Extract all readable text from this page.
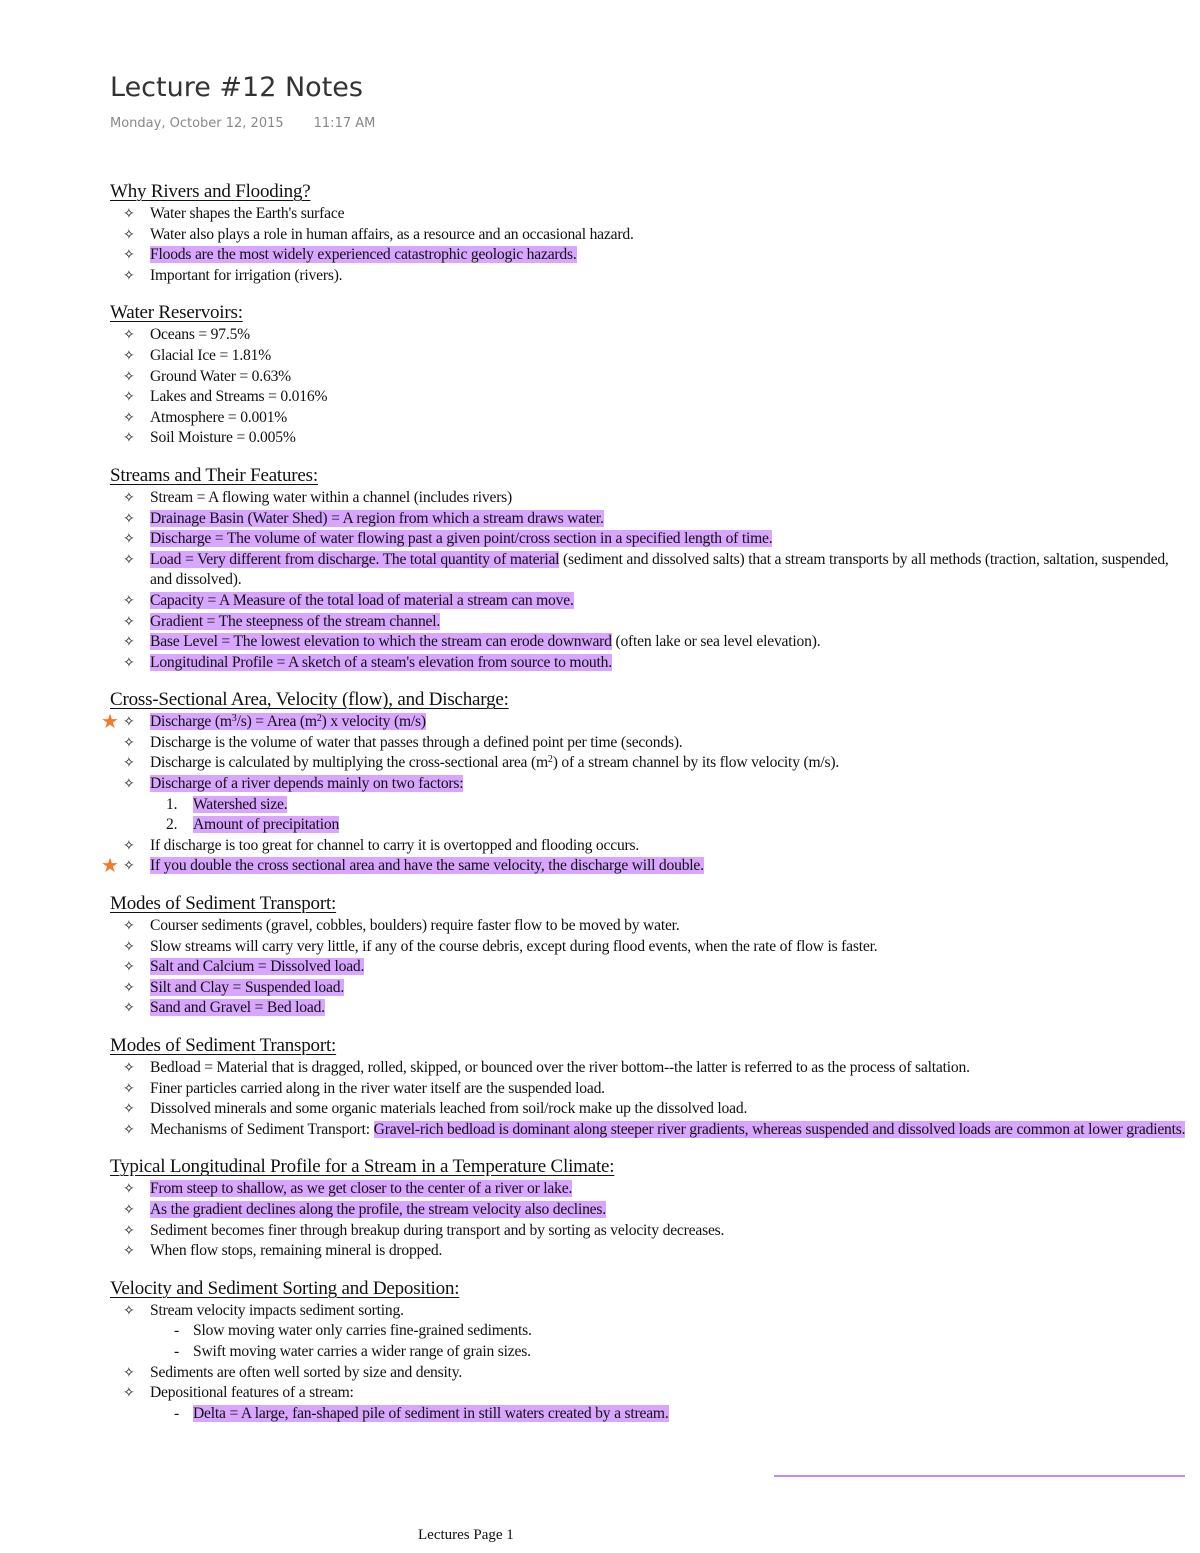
Lecture #12 Notes
Monday, October 12, 2015 11:17 AM
Why Rivers and Flooding?
✧ Water shapes the Earth's surface
✧ Water also plays a role in human affairs, as a resource and an occasional hazard.
✧ Floods are the most widely experienced catastrophic geologic hazards.
✧ Important for irrigation (rivers).
Water Reservoirs:
✧ Oceans = 97.5%
✧ Glacial Ice = 1.81%
✧ Ground Water = 0.63%
✧ Lakes and Streams = 0.016%
✧ Atmosphere = 0.001%
✧ Soil Moisture = 0.005%
Streams and Their Features:
✧ Stream = A flowing water within a channel (includes rivers)
✧ Drainage Basin (Water Shed) = A region from which a stream draws water.
✧ Discharge = The volume of water flowing past a given point/cross section in a specified length of time.
✧ Load = Very different from discharge. The total quantity of material (sediment and dissolved salts) that a stream transports by all methods (traction, saltation, suspended, and dissolved).
✧ Capacity = A Measure of the total load of material a stream can move.
✧ Gradient = The steepness of the stream channel.
✧ Base Level = The lowest elevation to which the stream can erode downward (often lake or sea level elevation).
✧ Longitudinal Profile = A sketch of a steam's elevation from source to mouth.
Cross-Sectional Area, Velocity (flow), and Discharge:
✧ ★ Discharge $(m^3/s)$ = Area $(m^2)$ x velocity (m/s)
✧ Discharge is the volume of water that passes through a defined point per time (seconds).
✧ Discharge is calculated by multiplying the cross-sectional area $(m^2)$ of a stream channel by its flow velocity (m/s).
✧ Discharge of a river depends mainly on two factors:
1. Watershed size.
2. Amount of precipitation
✧ If discharge is too great for channel to carry it is overtopped and flooding occurs.
✧ ★ If you double the cross sectional area and have the same velocity, the discharge will double.
Modes of Sediment Transport:
✧ Courser sediments (gravel, cobbles, boulders) require faster flow to be moved by water.
✧ Slow streams will carry very little, if any of the course debris, except during flood events, when the rate of flow is faster.
✧ Salt and Calcium = Dissolved load.
✧ Silt and Clay = Suspended load.
✧ Sand and Gravel = Bed load.
Modes of Sediment Transport:
✧ Bedload = Material that is dragged, rolled, skipped, or bounced over the river bottom--the latter is referred to as the process of saltation.
✧ Finer particles carried along in the river water itself are the suspended load.
✧ Dissolved minerals and some organic materials leached from soil/rock make up the dissolved load.
✧ Mechanisms of Sediment Transport: Gravel-rich bedload is dominant along steeper river gradients, whereas suspended and dissolved loads are common at lower gradients.
Typical Longitudinal Profile for a Stream in a Temperature Climate:
✧ From steep to shallow, as we get closer to the center of a river or lake.
✧ As the gradient declines along the profile, the stream velocity also declines.
✧ Sediment becomes finer through breakup during transport and by sorting as velocity decreases.
✧ When flow stops, remaining mineral is dropped.
Velocity and Sediment Sorting and Deposition:
✧ Stream velocity impacts sediment sorting.
- Slow moving water only carries fine-grained sediments.
- Swift moving water carries a wider range of grain sizes.
✧ Sediments are often well sorted by size and density.
✧ Depositional features of a stream:
- Delta = A large, fan-shaped pile of sediment in still waters created by a stream.
Lectures Page 1
